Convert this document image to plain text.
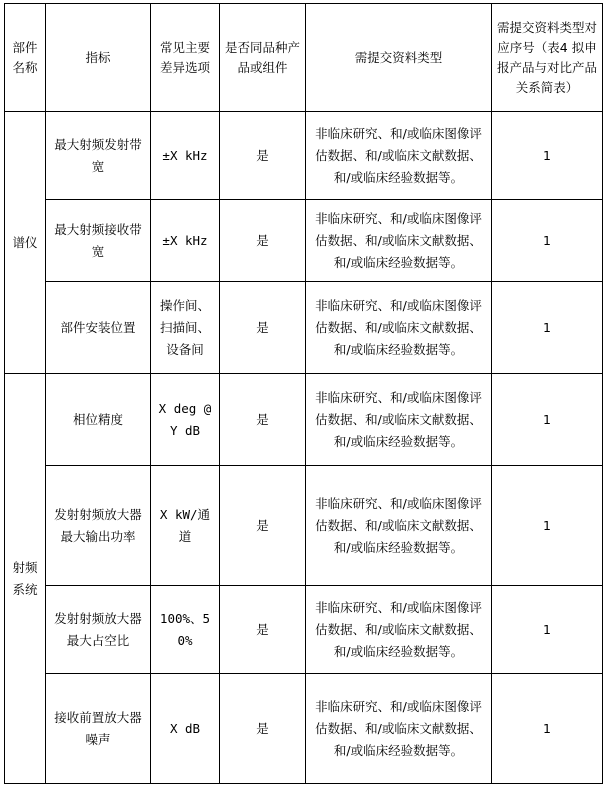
部件名称	指标	常见主要差异选项	是否同品种产品或组件	需提交资料类型	需提交资料类型对应序号（表4 拟申报产品与对比产品关系简表）
谱仪	最大射频发射带宽	±X kHz	是	非临床研究、和/或临床图像评估数据、和/或临床文献数据、和/或临床经验数据等。	1
	最大射频接收带宽	±X kHz	是	非临床研究、和/或临床图像评估数据、和/或临床文献数据、和/或临床经验数据等。	1
	部件安装位置	操作间、扫描间、设备间	是	非临床研究、和/或临床图像评估数据、和/或临床文献数据、和/或临床经验数据等。	1
射频系统	相位精度	X deg @Y dB	是	非临床研究、和/或临床图像评估数据、和/或临床文献数据、和/或临床经验数据等。	1
	发射射频放大器最大输出功率	X kW/通道	是	非临床研究、和/或临床图像评估数据、和/或临床文献数据、和/或临床经验数据等。	1
	发射射频放大器最大占空比	100%、50%	是	非临床研究、和/或临床图像评估数据、和/或临床文献数据、和/或临床经验数据等。	1
	接收前置放大器噪声	X dB	是	非临床研究、和/或临床图像评估数据、和/或临床文献数据、和/或临床经验数据等。	1
